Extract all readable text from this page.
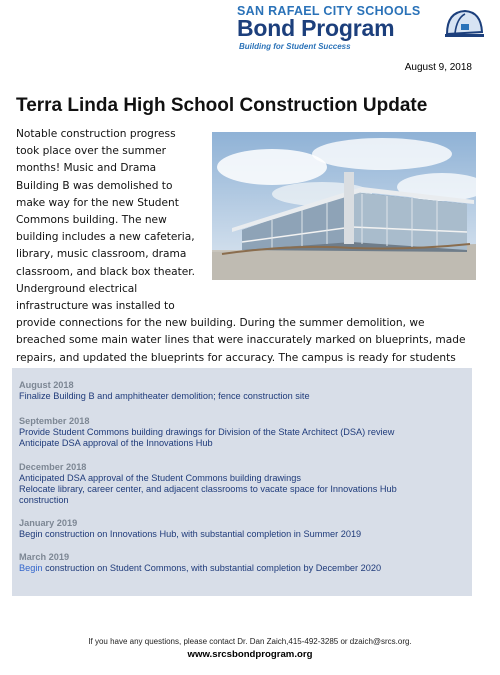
SAN RAFAEL CITY SCHOOLS
Bond Program
Building for Student Success
August 9, 2018
Terra Linda High School Construction Update

Notable construction progress took place over the summer months! Music and Drama Building B was demolished to make way for the new Student Commons building. The new building includes a new cafeteria, library, music classroom, drama classroom, and black box theater. Underground electrical infrastructure was installed to provide connections for the new building. During the summer demolition, we breached some main water lines that were inaccurately marked on blueprints, made repairs, and updated the blueprints for accuracy. The campus is ready for students

August 2018
Finalize Building B and amphitheater demolition; fence construction site
September 2018
Provide Student Commons building drawings for Division of the State Architect (DSA) review
Anticipate DSA approval of the Innovations Hub
December 2018
Anticipated DSA approval of the Student Commons building drawings
Relocate library, career center, and adjacent classrooms to vacate space for Innovations Hub
construction
January 2019
Begin construction on Innovations Hub, with substantial completion in Summer 2019
March 2019
Begin construction on Student Commons, with substantial completion by December 2020
If you have any questions, please contact Dr. Dan Zaich,415-492-3285 or dzaich@srcs.org.
www.srcsbondprogram.org
